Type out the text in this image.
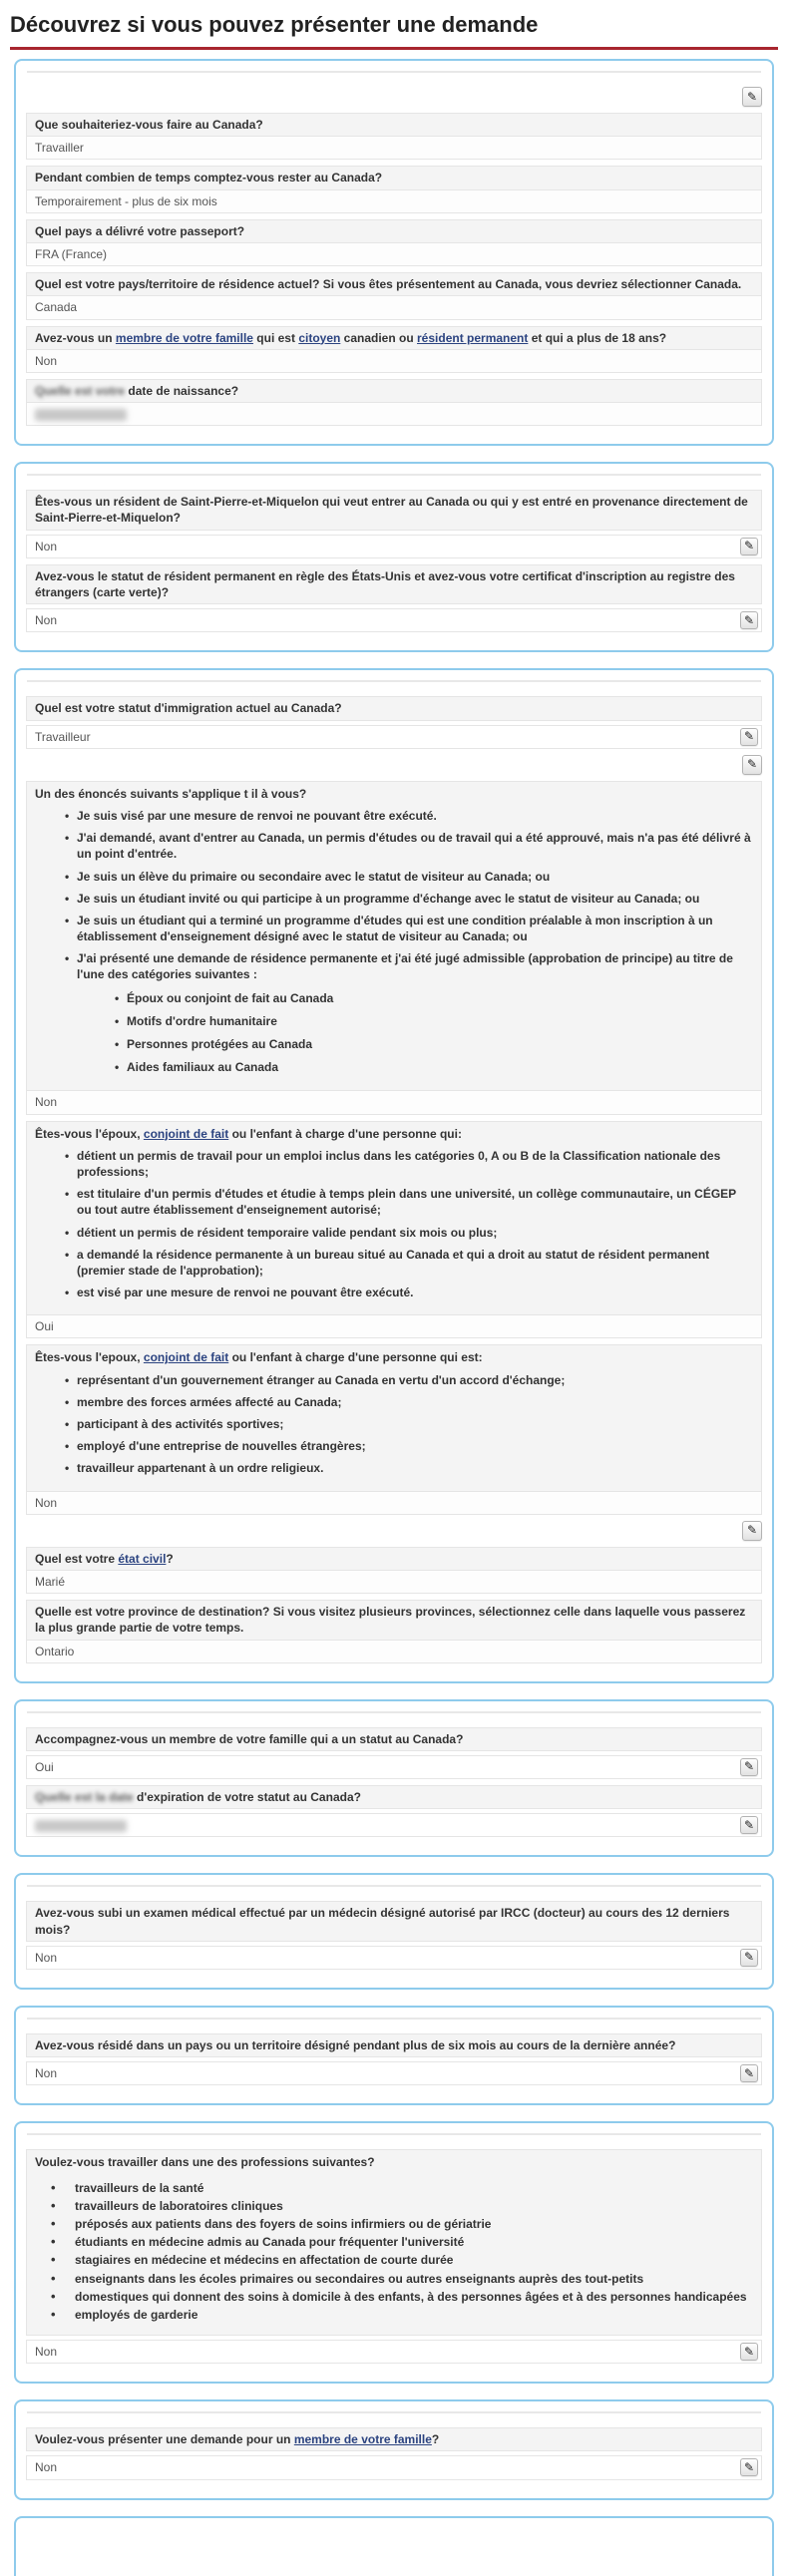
Découvrez si vous pouvez présenter une demande
✎
Que souhaiteriez-vous faire au Canada?
Travailler
Pendant combien de temps comptez-vous rester au Canada?
Temporairement - plus de six mois
Quel pays a délivré votre passeport?
FRA (France)
Quel est votre pays/territoire de résidence actuel? Si vous êtes présentement au Canada, vous devriez sélectionner Canada.
Canada
Avez-vous un membre de votre famille qui est citoyen canadien ou résident permanent et qui a plus de 18 ans?
Non
Quelle est votre date de naissance?
Êtes-vous un résident de Saint-Pierre-et-Miquelon qui veut entrer au Canada ou qui y est entré en provenance directement de Saint-Pierre-et-Miquelon?
Non	✎
Avez-vous le statut de résident permanent en règle des États-Unis et avez-vous votre certificat d'inscription au registre des étrangers (carte verte)?
Non	✎
Quel est votre statut d'immigration actuel au Canada?
Travailleur	✎
✎

Un des énoncés suivants s'applique t il à vous?

• Je suis visé par une mesure de renvoi ne pouvant être exécuté.
• J'ai demandé, avant d'entrer au Canada, un permis d'études ou de travail qui a été approuvé, mais n'a pas été délivré à un point d'entrée.
• Je suis un élève du primaire ou secondaire avec le statut de visiteur au Canada; ou
• Je suis un étudiant invité ou qui participe à un programme d'échange avec le statut de visiteur au Canada; ou
• Je suis un étudiant qui a terminé un programme d'études qui est une condition préalable à mon inscription à un établissement d'enseignement désigné avec le statut de visiteur au Canada; ou
• J'ai présenté une demande de résidence permanente et j'ai été jugé admissible (approbation de principe) au titre de l'une des catégories suivantes :
• Époux ou conjoint de fait au Canada
• Motifs d'ordre humanitaire
• Personnes protégées au Canada
• Aides familiaux au Canada
Non

Êtes-vous l'époux, conjoint de fait ou l'enfant à charge d'une personne qui:

• détient un permis de travail pour un emploi inclus dans les catégories 0, A ou B de la Classification nationale des professions;
• est titulaire d'un permis d'études et étudie à temps plein dans une université, un collège communautaire, un CÉGEP ou tout autre établissement d'enseignement autorisé;
• détient un permis de résident temporaire valide pendant six mois ou plus;
• a demandé la résidence permanente à un bureau situé au Canada et qui a droit au statut de résident permanent (premier stade de l'approbation);
• est visé par une mesure de renvoi ne pouvant être exécuté.
Oui

Êtes-vous l'epoux, conjoint de fait ou l'enfant à charge d'une personne qui est:

• représentant d'un gouvernement étranger au Canada en vertu d'un accord d'échange;
• membre des forces armées affecté au Canada;
• participant à des activités sportives;
• employé d'une entreprise de nouvelles étrangères;
• travailleur appartenant à un ordre religieux.
Non
✎
Quel est votre état civil?
Marié
Quelle est votre province de destination? Si vous visitez plusieurs provinces, sélectionnez celle dans laquelle vous passerez la plus grande partie de votre temps.
Ontario
Accompagnez-vous un membre de votre famille qui a un statut au Canada?
Oui	✎
Quelle est la date d'expiration de votre statut au Canada?
✎
Avez-vous subi un examen médical effectué par un médecin désigné autorisé par IRCC (docteur) au cours des 12 derniers mois?
Non	✎
Avez-vous résidé dans un pays ou un territoire désigné pendant plus de six mois au cours de la dernière année?
Non	✎

Voulez-vous travailler dans une des professions suivantes?

• travailleurs de la santé
• travailleurs de laboratoires cliniques
• préposés aux patients dans des foyers de soins infirmiers ou de gériatrie
• étudiants en médecine admis au Canada pour fréquenter l'université
• stagiaires en médecine et médecins en affectation de courte durée
• enseignants dans les écoles primaires ou secondaires ou autres enseignants auprès des tout-petits
• domestiques qui donnent des soins à domicile à des enfants, à des personnes âgées et à des personnes handicapées
• employés de garderie
Non	✎
Voulez-vous présenter une demande pour un membre de votre famille?
Non	✎
